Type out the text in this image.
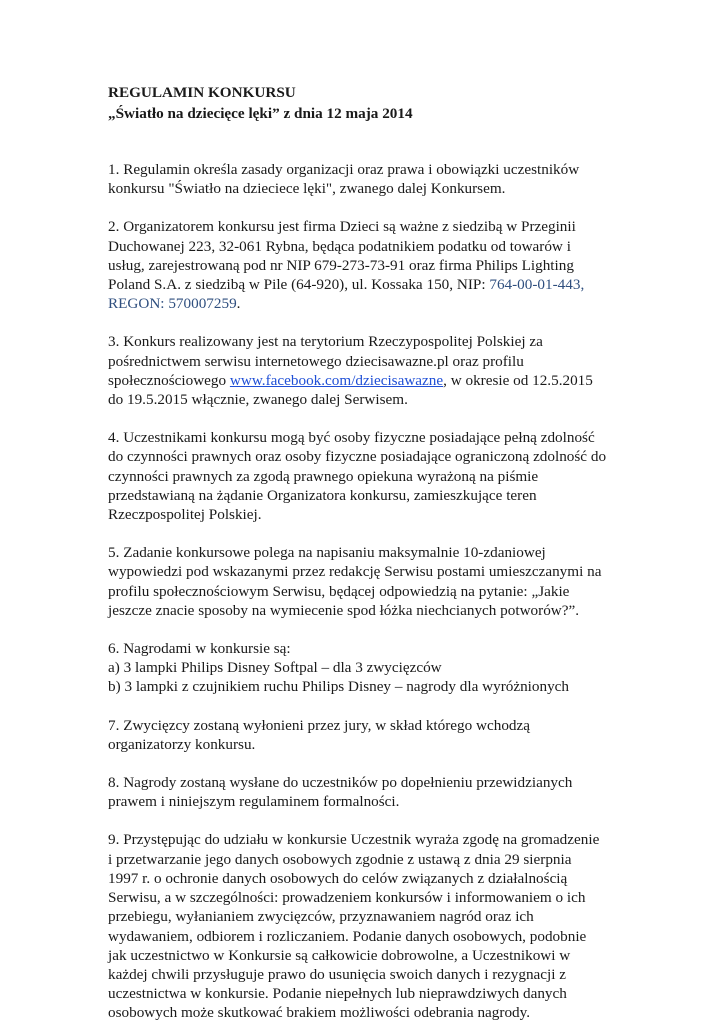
REGULAMIN KONKURSU

„Światło na dziecięce lęki” z dnia 12 maja 2014

1. Regulamin określa zasady organizacji oraz prawa i obowiązki uczestników
konkursu "Światło na dzieciece lęki", zwanego dalej Konkursem.

2. Organizatorem konkursu jest firma Dzieci są ważne z siedzibą w Przeginii
Duchowanej 223, 32-061 Rybna, będąca podatnikiem podatku od towarów i
usług, zarejestrowaną pod nr NIP 679-273-73-91 oraz firma Philips Lighting
Poland S.A. z siedzibą w Pile (64-920), ul. Kossaka 150, NIP: 764-00-01-443,
REGON: 570007259.

3. Konkurs realizowany jest na terytorium Rzeczypospolitej Polskiej za
pośrednictwem serwisu internetowego dziecisawazne.pl oraz profilu
społecznościowego www.facebook.com/dziecisawazne, w okresie od 12.5.2015
do 19.5.2015 włącznie, zwanego dalej Serwisem.

4. Uczestnikami konkursu mogą być osoby fizyczne posiadające pełną zdolność
do czynności prawnych oraz osoby fizyczne posiadające ograniczoną zdolność do
czynności prawnych za zgodą prawnego opiekuna wyrażoną na piśmie
przedstawianą na żądanie Organizatora konkursu, zamieszkujące teren
Rzeczpospolitej Polskiej.

5. Zadanie konkursowe polega na napisaniu maksymalnie 10-zdaniowej
wypowiedzi pod wskazanymi przez redakcję Serwisu postami umieszczanymi na
profilu społecznościowym Serwisu, będącej odpowiedzią na pytanie: „Jakie
jeszcze znacie sposoby na wymiecenie spod łóżka niechcianych potworów?”.

6. Nagrodami w konkursie są:
a) 3 lampki Philips Disney Softpal – dla 3 zwycięzców
b) 3 lampki z czujnikiem ruchu Philips Disney – nagrody dla wyróżnionych

7. Zwycięzcy zostaną wyłonieni przez jury, w skład którego wchodzą
organizatorzy konkursu.

8. Nagrody zostaną wysłane do uczestników po dopełnieniu przewidzianych
prawem i niniejszym regulaminem formalności.

9. Przystępując do udziału w konkursie Uczestnik wyraża zgodę na gromadzenie
i przetwarzanie jego danych osobowych zgodnie z ustawą z dnia 29 sierpnia
1997 r. o ochronie danych osobowych do celów związanych z działalnością
Serwisu, a w szczególności: prowadzeniem konkursów i informowaniem o ich
przebiegu, wyłanianiem zwycięzców, przyznawaniem nagród oraz ich
wydawaniem, odbiorem i rozliczaniem. Podanie danych osobowych, podobnie
jak uczestnictwo w Konkursie są całkowicie dobrowolne, a Uczestnikowi w
każdej chwili przysługuje prawo do usunięcia swoich danych i rezygnacji z
uczestnictwa w konkursie. Podanie niepełnych lub nieprawdziwych danych
osobowych może skutkować brakiem możliwości odebrania nagrody.
